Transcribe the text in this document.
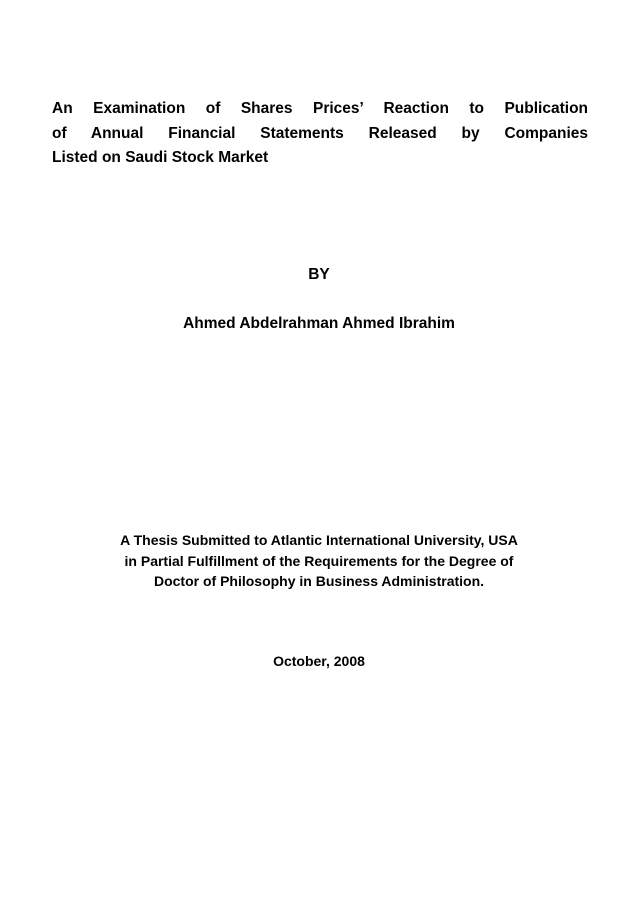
An Examination of Shares Prices’ Reaction to Publication
of Annual Financial Statements Released by Companies
Listed on Saudi Stock Market

BY

Ahmed Abdelrahman Ahmed Ibrahim

A Thesis Submitted to Atlantic International University, USA
in Partial Fulfillment of the Requirements for the Degree of
Doctor of Philosophy in Business Administration.

October, 2008
